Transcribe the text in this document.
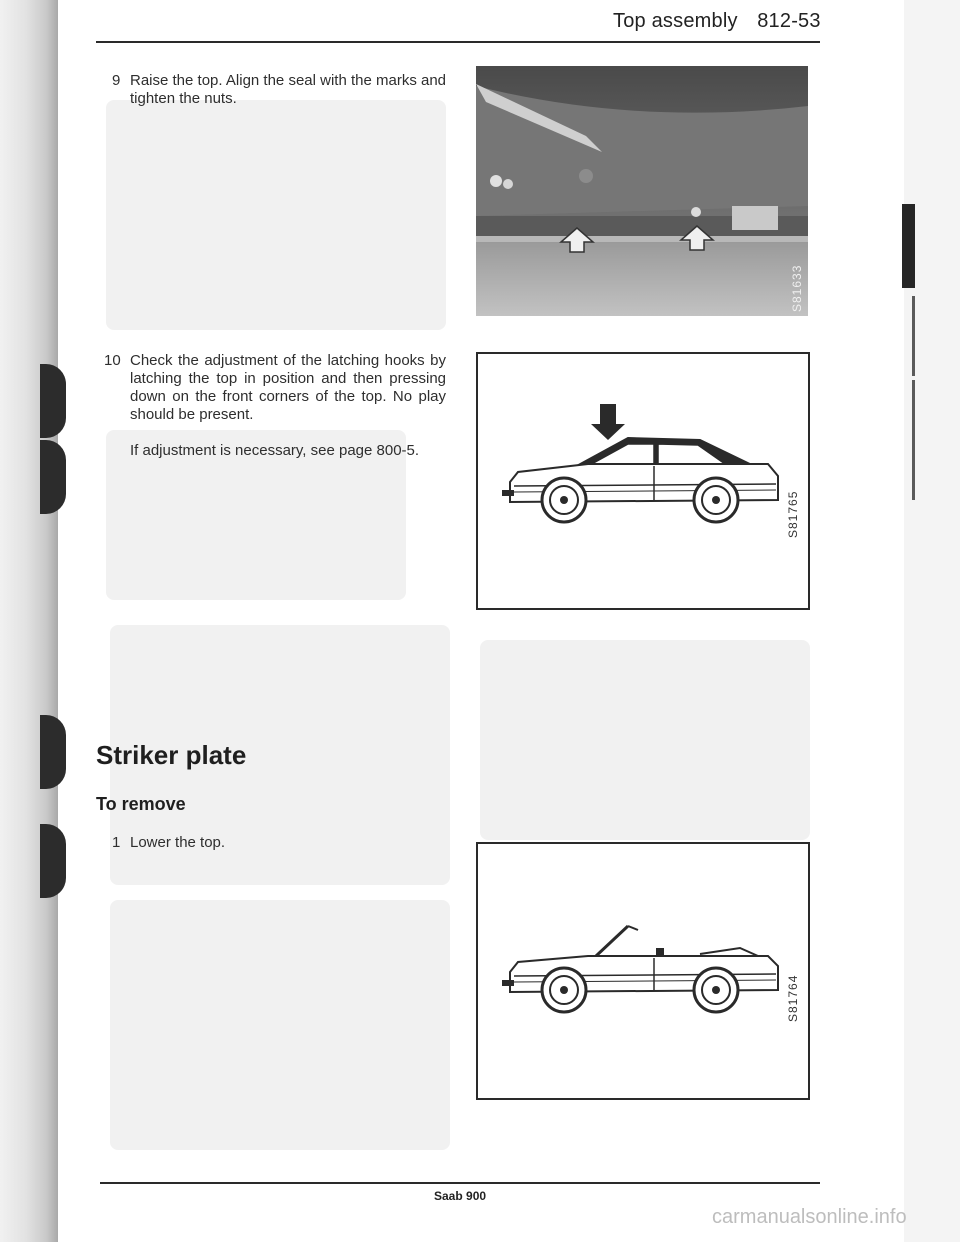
Top assembly 812-53
9 Raise the top. Align the seal with the marks and tighten the nuts.
10 Check the adjustment of the latching hooks by latching the top in position and then pressing down on the front corners of the top. No play should be present.
If adjustment is necessary, see page 800-5.
Striker plate
To remove
1 Lower the top.
S81633
S81765
S81764
Saab 900
carmanualsonline.info
